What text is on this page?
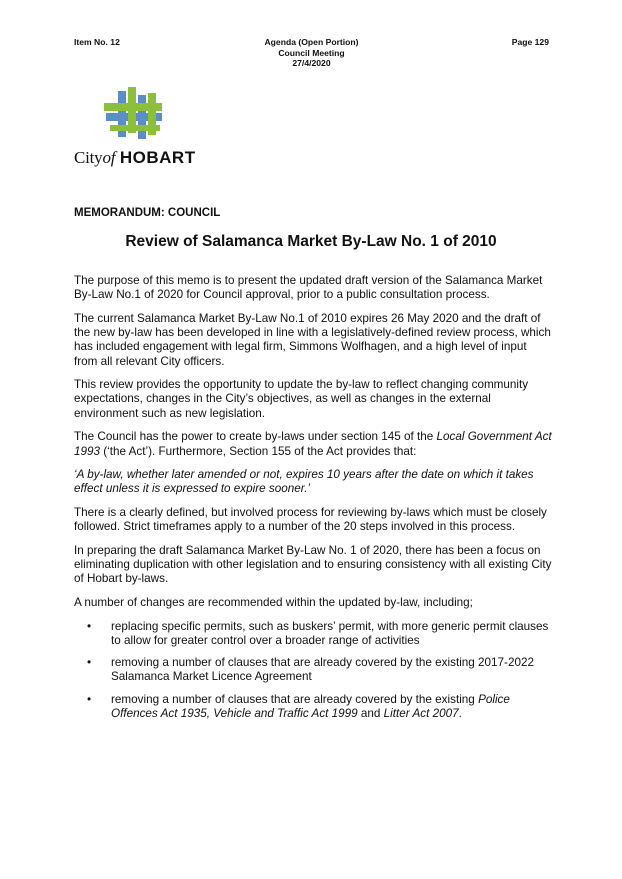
Item No. 12	Agenda (Open Portion)
Council Meeting
27/4/2020
Page 129
Cityof HOBART
MEMORANDUM: COUNCIL
Review of Salamanca Market By-Law No. 1 of 2010

The purpose of this memo is to present the updated draft version of the Salamanca Market By-Law No.1 of 2020 for Council approval, prior to a public consultation process.

The current Salamanca Market By-Law No.1 of 2010 expires 26 May 2020 and the draft of the new by-law has been developed in line with a legislatively-defined review process, which has included engagement with legal firm, Simmons Wolfhagen, and a high level of input from all relevant City officers.

This review provides the opportunity to update the by-law to reflect changing community expectations, changes in the City’s objectives, as well as changes in the external environment such as new legislation.

The Council has the power to create by-laws under section 145 of the Local Government Act 1993 (‘the Act’). Furthermore, Section 155 of the Act provides that:

‘A by-law, whether later amended or not, expires 10 years after the date on which it takes effect unless it is expressed to expire sooner.’

There is a clearly defined, but involved process for reviewing by-laws which must be closely followed. Strict timeframes apply to a number of the 20 steps involved in this process.

In preparing the draft Salamanca Market By-Law No. 1 of 2020, there has been a focus on eliminating duplication with other legislation and to ensuring consistency with all existing City of Hobart by-laws.

A number of changes are recommended within the updated by-law, including;

• replacing specific permits, such as buskers’ permit, with more generic permit clauses to allow for greater control over a broader range of activities
• removing a number of clauses that are already covered by the existing 2017-2022 Salamanca Market Licence Agreement
• removing a number of clauses that are already covered by the existing Police Offences Act 1935, Vehicle and Traffic Act 1999 and Litter Act 2007.
